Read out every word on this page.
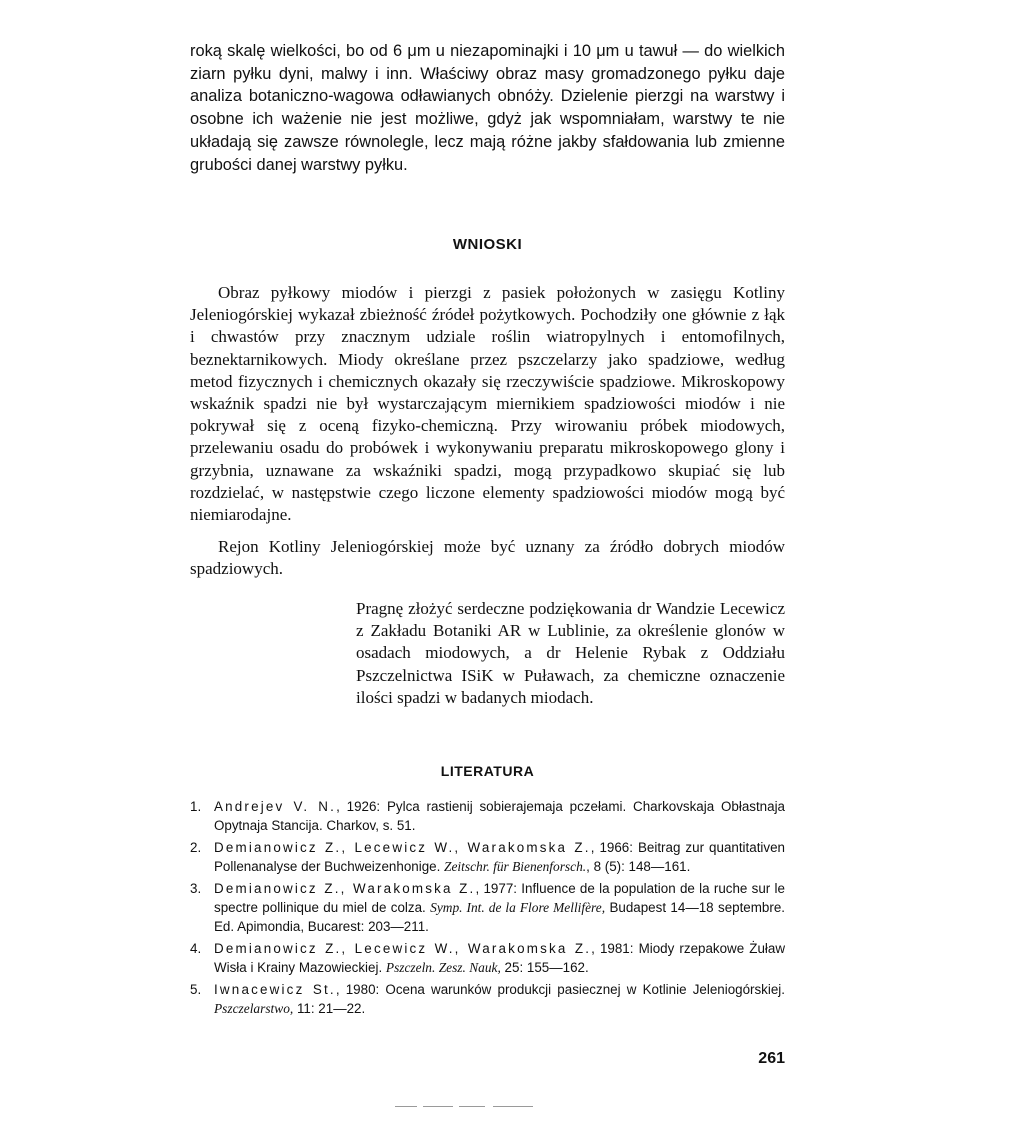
roką skalę wielkości, bo od 6 μm u niezapominajki i 10 μm u tawuł — do wielkich ziarn pyłku dyni, malwy i inn. Właściwy obraz masy gromadzonego pyłku daje analiza botaniczno-wagowa odławianych obnóży. Dzielenie pierzgi na warstwy i osobne ich ważenie nie jest możliwe, gdyż jak wspomniałam, warstwy te nie układają się zawsze równolegle, lecz mają różne jakby sfałdowania lub zmienne grubości danej warstwy pyłku.

WNIOSKI

Obraz pyłkowy miodów i pierzgi z pasiek położonych w zasięgu Kotliny Jeleniogórskiej wykazał zbieżność źródeł pożytkowych. Pochodziły one głównie z łąk i chwastów przy znacznym udziale roślin wiatropylnych i entomofilnych, beznektarnikowych. Miody określane przez pszczelarzy jako spadziowe, według metod fizycznych i chemicznych okazały się rzeczywiście spadziowe. Mikroskopowy wskaźnik spadzi nie był wystarczającym miernikiem spadziowości miodów i nie pokrywał się z oceną fizyko-chemiczną. Przy wirowaniu próbek miodowych, przelewaniu osadu do probówek i wykonywaniu preparatu mikroskopowego glony i grzybnia, uznawane za wskaźniki spadzi, mogą przypadkowo skupiać się lub rozdzielać, w następstwie czego liczone elementy spadziowości miodów mogą być niemiarodajne.

Rejon Kotliny Jeleniogórskiej może być uznany za źródło dobrych miodów spadziowych.

Pragnę złożyć serdeczne podziękowania dr Wandzie Lecewicz z Zakładu Botaniki AR w Lublinie, za określenie glonów w osadach miodowych, a dr Helenie Rybak z Oddziału Pszczelnictwa ISiK w Puławach, za chemiczne oznaczenie ilości spadzi w badanych miodach.

LITERATURA
1. Andrejev V. N., 1926: Pylca rastienij sobierajemaja pczełami. Charkovskaja Obłastnaja Opytnaja Stancija. Charkov, s. 51.
2. Demianowicz Z., Lecewicz W., Warakomska Z., 1966: Beitrag zur quantitativen Pollenanalyse der Buchweizenhonige. Zeitschr. für Bienenforsch., 8 (5): 148—161.
3. Demianowicz Z., Warakomska Z., 1977: Influence de la population de la ruche sur le spectre pollinique du miel de colza. Symp. Int. de la Flore Mellifère, Budapest 14—18 septembre. Ed. Apimondia, Bucarest: 203—211.
4. Demianowicz Z., Lecewicz W., Warakomska Z., 1981: Miody rzepakowe Żuław Wisła i Krainy Mazowieckiej. Pszczeln. Zesz. Nauk, 25: 155—162.
5. Iwnacewicz St., 1980: Ocena warunków produkcji pasiecznej w Kotlinie Jeleniogórskiej. Pszczelarstwo, 11: 21—22.

261
